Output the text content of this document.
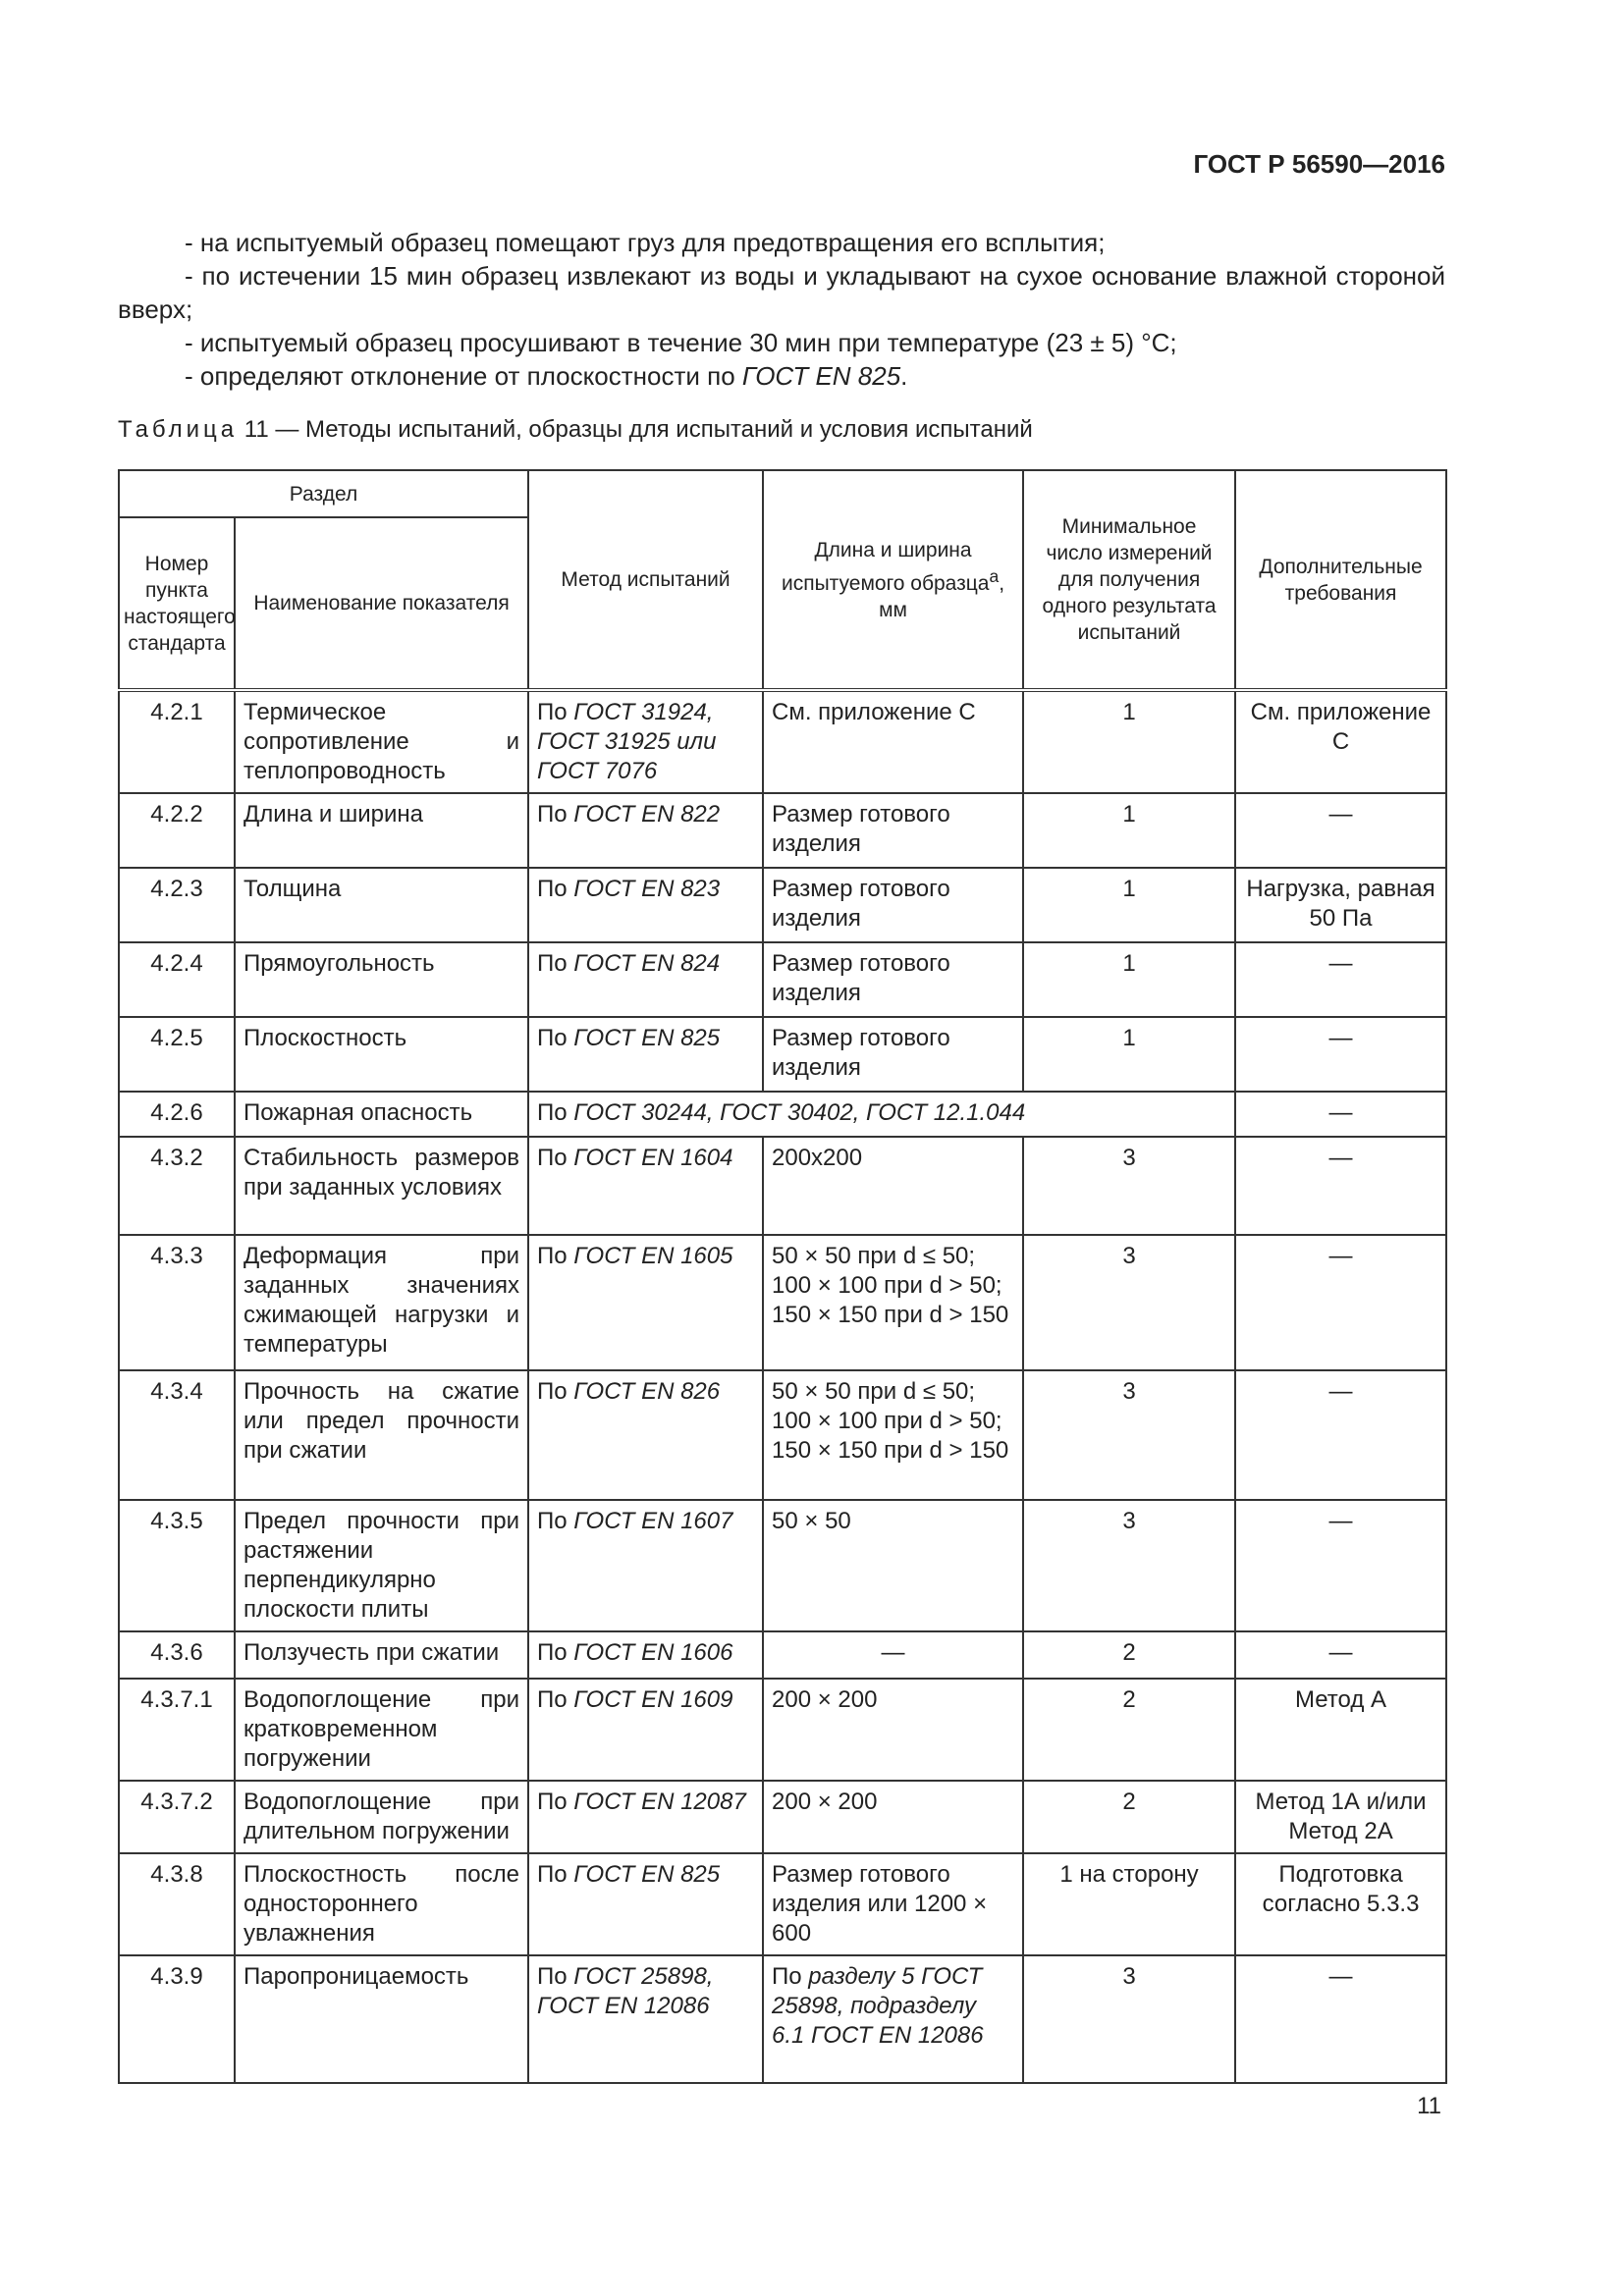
ГОСТ Р 56590—2016

- на испытуемый образец помещают груз для предотвращения его всплытия;

- по истечении 15 мин образец извлекают из воды и укладывают на сухое основание влажной стороной вверх;

- испытуемый образец просушивают в течение 30 мин при температуре (23 ± 5) °С;

- определяют отклонение от плоскостности по ГОСТ EN 825.

Таблица 11 — Методы испытаний, образцы для испытаний и условия испытаний
Раздел		Метод испытаний	Длина и ширина испытуемого образца$^а$, мм	Минимальное число измерений для получения одного результата испытаний	Дополнительные требования
Номер пункта настоящего стандарта	Наименование показателя				
4.2.1	Термическое сопротивление и теплопроводность	По ГОСТ 31924, ГОСТ 31925 или ГОСТ 7076	См. приложение С	1	См. приложение С
4.2.2	Длина и ширина	По ГОСТ EN 822	Размер готового изделия	1	—
4.2.3	Толщина	По ГОСТ EN 823	Размер готового изделия	1	Нагрузка, равная 50 Па
4.2.4	Прямоугольность	По ГОСТ EN 824	Размер готового изделия	1	—
4.2.5	Плоскостность	По ГОСТ EN 825	Размер готового изделия	1	—
4.2.6	Пожарная опасность	По ГОСТ 30244, ГОСТ 30402, ГОСТ 12.1.044			—
4.3.2	Стабильность размеров при заданных условиях	По ГОСТ EN 1604	200x200	3	—
4.3.3	Деформация при заданных значениях сжимающей нагрузки и температуры	По ГОСТ EN 1605	50 × 50 при d ≤ 50; 100 × 100 при d > 50; 150 × 150 при d > 150	3	—
4.3.4	Прочность на сжатие или предел прочности при сжатии	По ГОСТ EN 826	50 × 50 при d ≤ 50; 100 × 100 при d > 50; 150 × 150 при d > 150	3	—
4.3.5	Предел прочности при растяжении перпендикулярно плоскости плиты	По ГОСТ EN 1607	50 × 50	3	—
4.3.6	Ползучесть при сжатии	По ГОСТ EN 1606	—	2	—
4.3.7.1	Водопоглощение при кратковременном погружении	По ГОСТ EN 1609	200 × 200	2	Метод А
4.3.7.2	Водопоглощение при длительном погружении	По ГОСТ EN 12087	200 × 200	2	Метод 1А и/или Метод 2А
4.3.8	Плоскостность после одностороннего увлажнения	По ГОСТ EN 825	Размер готового изделия или 1200 × 600	1 на сторону	Подготовка согласно 5.3.3
4.3.9	Паропроницаемость	По ГОСТ 25898, ГОСТ EN 12086	По разделу 5 ГОСТ 25898, подразделу 6.1 ГОСТ EN 12086	3	—
11
